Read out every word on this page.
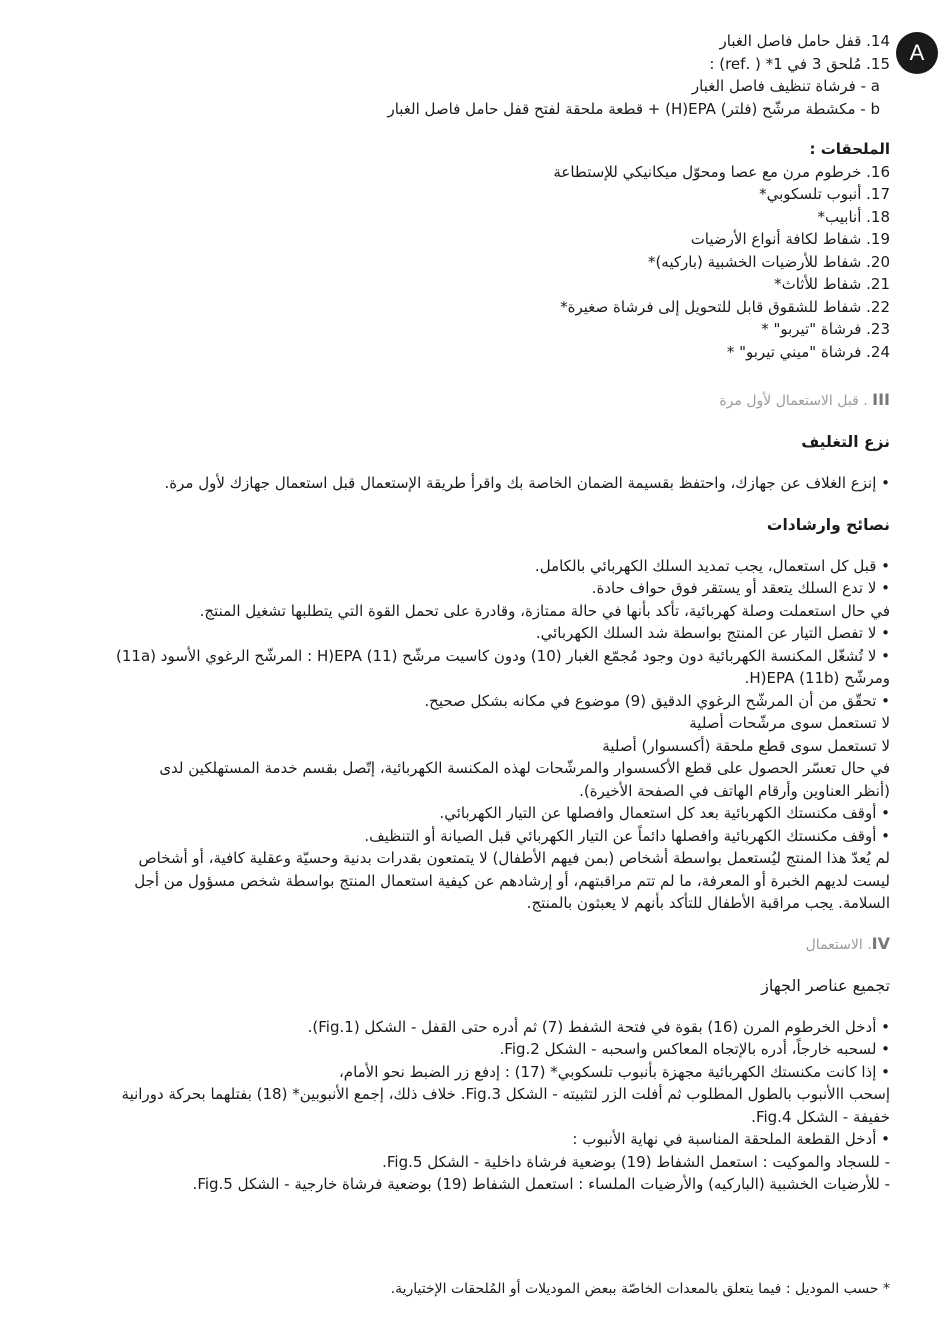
A
14. قفل حامل فاصل الغبار
15. مُلحق 3 في 1* ( .ref) :
a - فرشاة تنظيف فاصل الغبار
b - مكشطة مرشّح (فلتر) H)EPA) + قطعة ملحقة لفتح قفل حامل فاصل الغبار
الملحقات :
16. خرطوم مرن مع عصا ومحوّل ميكانيكي للإستطاعة
17. أنبوب تلسكوبي*
18. أنابيب*
19. شفاط لكافة أنواع الأرضيات
20. شفاط للأرضيات الخشبية (باركيه)*
21. شفاط للأثاث*
22. شفاط للشقوق قابل للتحويل إلى فرشاة صغيرة*
23. فرشاة "تيربو" *
24. فرشاة "ميني تيربو" *
III . قبل الاستعمال لأول مرة
نزع التغليف
• إنزع الغلاف عن جهازك، واحتفظ بقسيمة الضمان الخاصة بك واقرأ طريقة الإستعمال قبل استعمال جهازك لأول مرة.
نصائح وارشادات
• قبل كل استعمال، يجب تمديد السلك الكهربائي بالكامل.
• لا تدع السلك يتعقد أو يستقر فوق حواف حادة.
في حال استعملت وصلة كهربائية، تأكد بأنها في حالة ممتازة، وقادرة على تحمل القوة التي يتطلبها تشغيل المنتج.
• لا تفصل التيار عن المنتج بواسطة شد السلك الكهربائي.
• لا تُشغّل المكنسة الكهربائية دون وجود مُجمّع الغبار (10) ودون كاسيت مرشّح H)EPA (11) : المرشّح الرغوي الأسود (11a)
ومرشّح H)EPA (11b).
• تحقّق من أن المرشّح الرغوي الدقيق (9) موضوع في مكانه بشكل صحيح.
لا تستعمل سوى مرشّحات أصلية
لا تستعمل سوى قطع ملحقة (أكسسوار) أصلية
في حال تعسّر الحصول على قطع الأكسسوار والمرشّحات لهذه المكنسة الكهربائية، إتّصل بقسم خدمة المستهلكين لدى
(أنظر العناوين وأرقام الهاتف في الصفحة الأخيرة).
• أوقف مكنستك الكهربائية بعد كل استعمال وافصلها عن التيار الكهربائي.
• أوقف مكنستك الكهربائية وافصلها دائماً عن التيار الكهربائي قبل الصيانة أو التنظيف.
لم يُعدّ هذا المنتج ليُستعمل بواسطة أشخاص (بمن فيهم الأطفال) لا يتمتعون بقدرات بدنية وحسيّة وعقلية كافية، أو أشخاص
ليست لديهم الخبرة أو المعرفة، ما لم تتم مراقبتهم، أو إرشادهم عن كيفية استعمال المنتج بواسطة شخص مسؤول من أجل
السلامة. يجب مراقبة الأطفال للتأكد بأنهم لا يعبثون بالمنتج.
IV. الاستعمال
تجميع عناصر الجهاز
• أدخل الخرطوم المرن (16) بقوة في فتحة الشفط (7) ثم أدره حتى القفل - الشكل (Fig.1).
• لسحبه خارجاً، أدره بالإتجاه المعاكس واسحبه - الشكل Fig.2.
• إذا كانت مكنستك الكهربائية مجهزة بأنبوب تلسكوبي* (17) : إدفع زر الضبط نحو الأمام،
إسحب االأنبوب بالطول المطلوب ثم أفلت الزر لتثبيته - الشكل Fig.3. خلاف ذلك، إجمع الأنبوبين* (18) بفتلهما بحركة دورانية
خفيفة - الشكل Fig.4.
• أدخل القطعة الملحقة المناسبة في نهاية الأنبوب :
- للسجاد والموكيت : استعمل الشفاط (19) بوضعية فرشاة داخلية - الشكل Fig.5.
- للأرضيات الخشبية (الباركيه) والأرضيات الملساء : استعمل الشفاط (19) بوضعية فرشاة خارجية - الشكل Fig.5.
* حسب الموديل : فيما يتعلق بالمعدات الخاصّة ببعض الموديلات أو المُلحقات الإختيارية.
